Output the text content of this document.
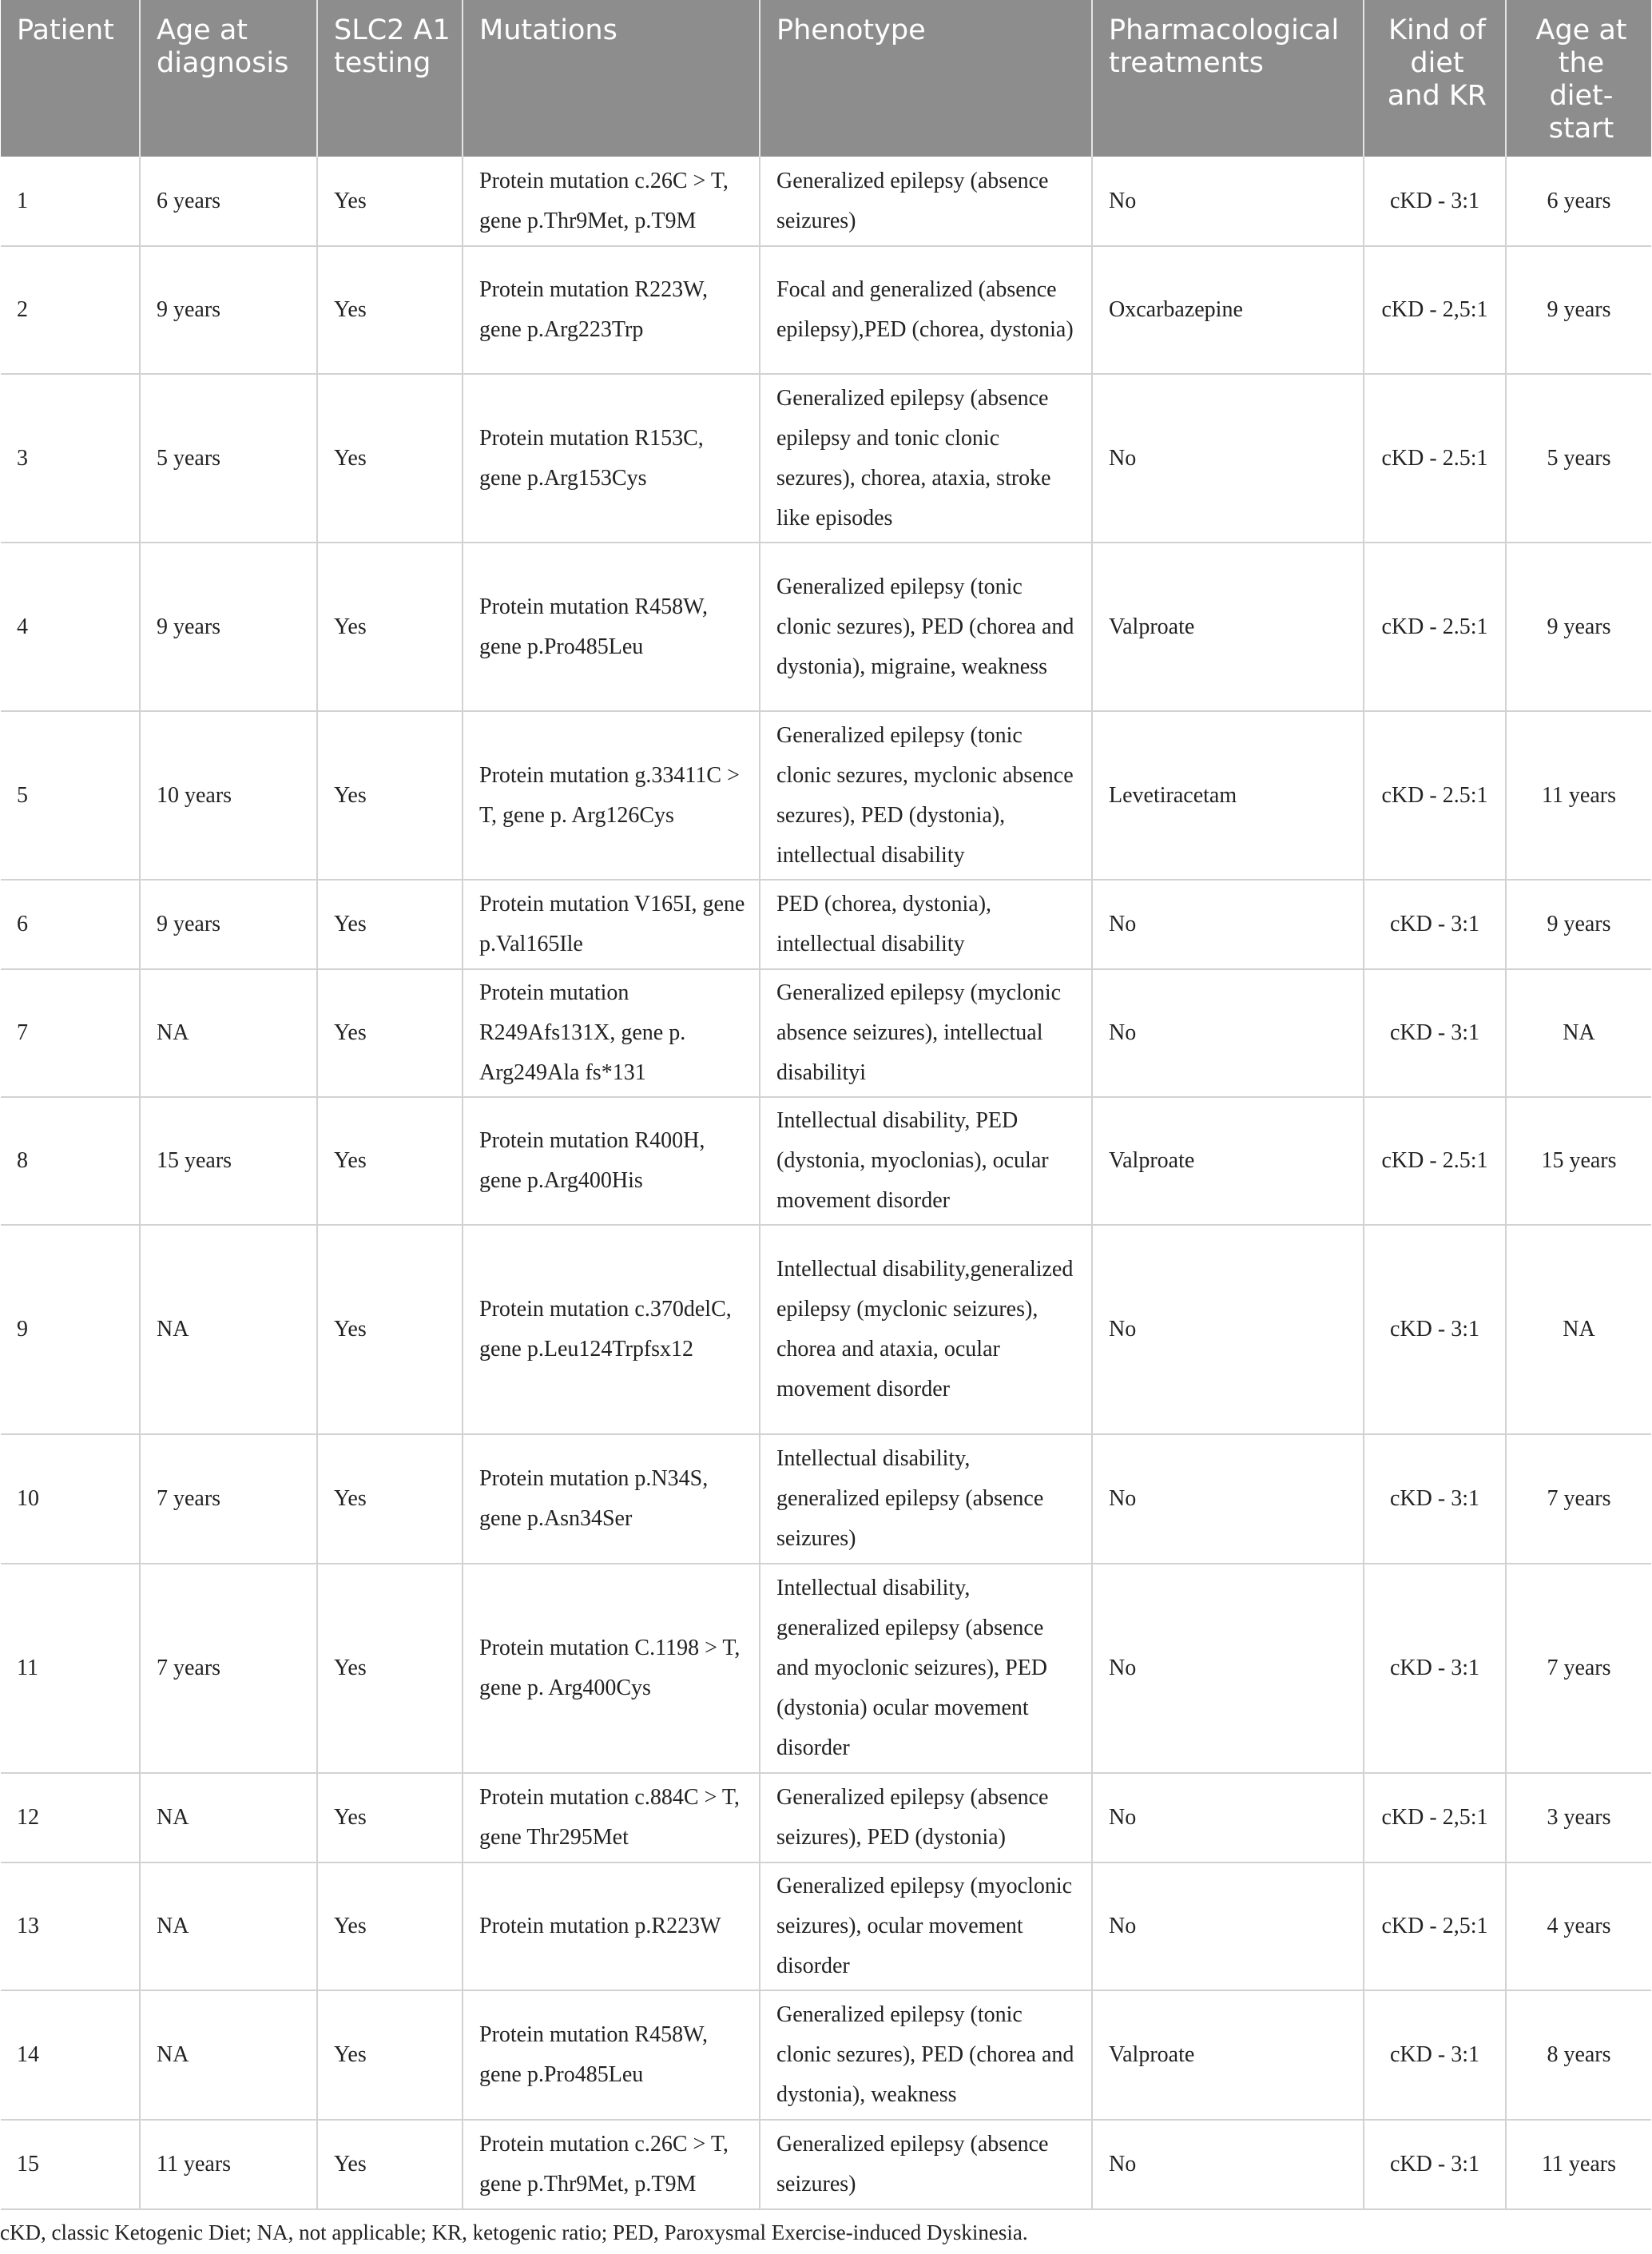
Patient	Age at diagnosis	SLC2 A1 testing	Mutations	Phenotype	Pharmacological treatments	Kind of diet and KR	Age at the diet-start
1	6 years	Yes	Protein mutation c.26C > T, gene p.Thr9Met, p.T9M	Generalized epilepsy (absence seizures)	No	cKD - 3:1	6 years
2	9 years	Yes	Protein mutation R223W, gene p.Arg223Trp	Focal and generalized (absence epilepsy),PED (chorea, dystonia)	Oxcarbazepine	cKD - 2,5:1	9 years
3	5 years	Yes	Protein mutation R153C, gene p.Arg153Cys	Generalized epilepsy (absence epilepsy and tonic clonic sezures), chorea, ataxia, stroke like episodes	No	cKD - 2.5:1	5 years
4	9 years	Yes	Protein mutation R458W, gene p.Pro485Leu	Generalized epilepsy (tonic clonic sezures), PED (chorea and dystonia), migraine, weakness	Valproate	cKD - 2.5:1	9 years
5	10 years	Yes	Protein mutation g.33411C > T, gene p. Arg126Cys	Generalized epilepsy (tonic clonic sezures, myclonic absence sezures), PED (dystonia), intellectual disability	Levetiracetam	cKD - 2.5:1	11 years
6	9 years	Yes	Protein mutation V165I, gene p.Val165Ile	PED (chorea, dystonia), intellectual disability	No	cKD - 3:1	9 years
7	NA	Yes	Protein mutation R249Afs131X, gene p. Arg249Ala fs*131	Generalized epilepsy (myclonic absence seizures), intellectual disabilityi	No	cKD - 3:1	NA
8	15 years	Yes	Protein mutation R400H, gene p.Arg400His	Intellectual disability, PED (dystonia, myoclonias), ocular movement disorder	Valproate	cKD - 2.5:1	15 years
9	NA	Yes	Protein mutation c.370delC, gene p.Leu124Trpfsx12	Intellectual disability,generalized epilepsy (myclonic seizures), chorea and ataxia, ocular movement disorder	No	cKD - 3:1	NA
10	7 years	Yes	Protein mutation p.N34S, gene p.Asn34Ser	Intellectual disability, generalized epilepsy (absence seizures)	No	cKD - 3:1	7 years
11	7 years	Yes	Protein mutation C.1198 > T, gene p. Arg400Cys	Intellectual disability, generalized epilepsy (absence and myoclonic seizures), PED (dystonia) ocular movement disorder	No	cKD - 3:1	7 years
12	NA	Yes	Protein mutation c.884C > T, gene Thr295Met	Generalized epilepsy (absence seizures), PED (dystonia)	No	cKD - 2,5:1	3 years
13	NA	Yes	Protein mutation p.R223W	Generalized epilepsy (myoclonic seizures), ocular movement disorder	No	cKD - 2,5:1	4 years
14	NA	Yes	Protein mutation R458W, gene p.Pro485Leu	Generalized epilepsy (tonic clonic sezures), PED (chorea and dystonia), weakness	Valproate	cKD - 3:1	8 years
15	11 years	Yes	Protein mutation c.26C > T, gene p.Thr9Met, p.T9M	Generalized epilepsy (absence seizures)	No	cKD - 3:1	11 years
cKD, classic Ketogenic Diet; NA, not applicable; KR, ketogenic ratio; PED, Paroxysmal Exercise-induced Dyskinesia.
